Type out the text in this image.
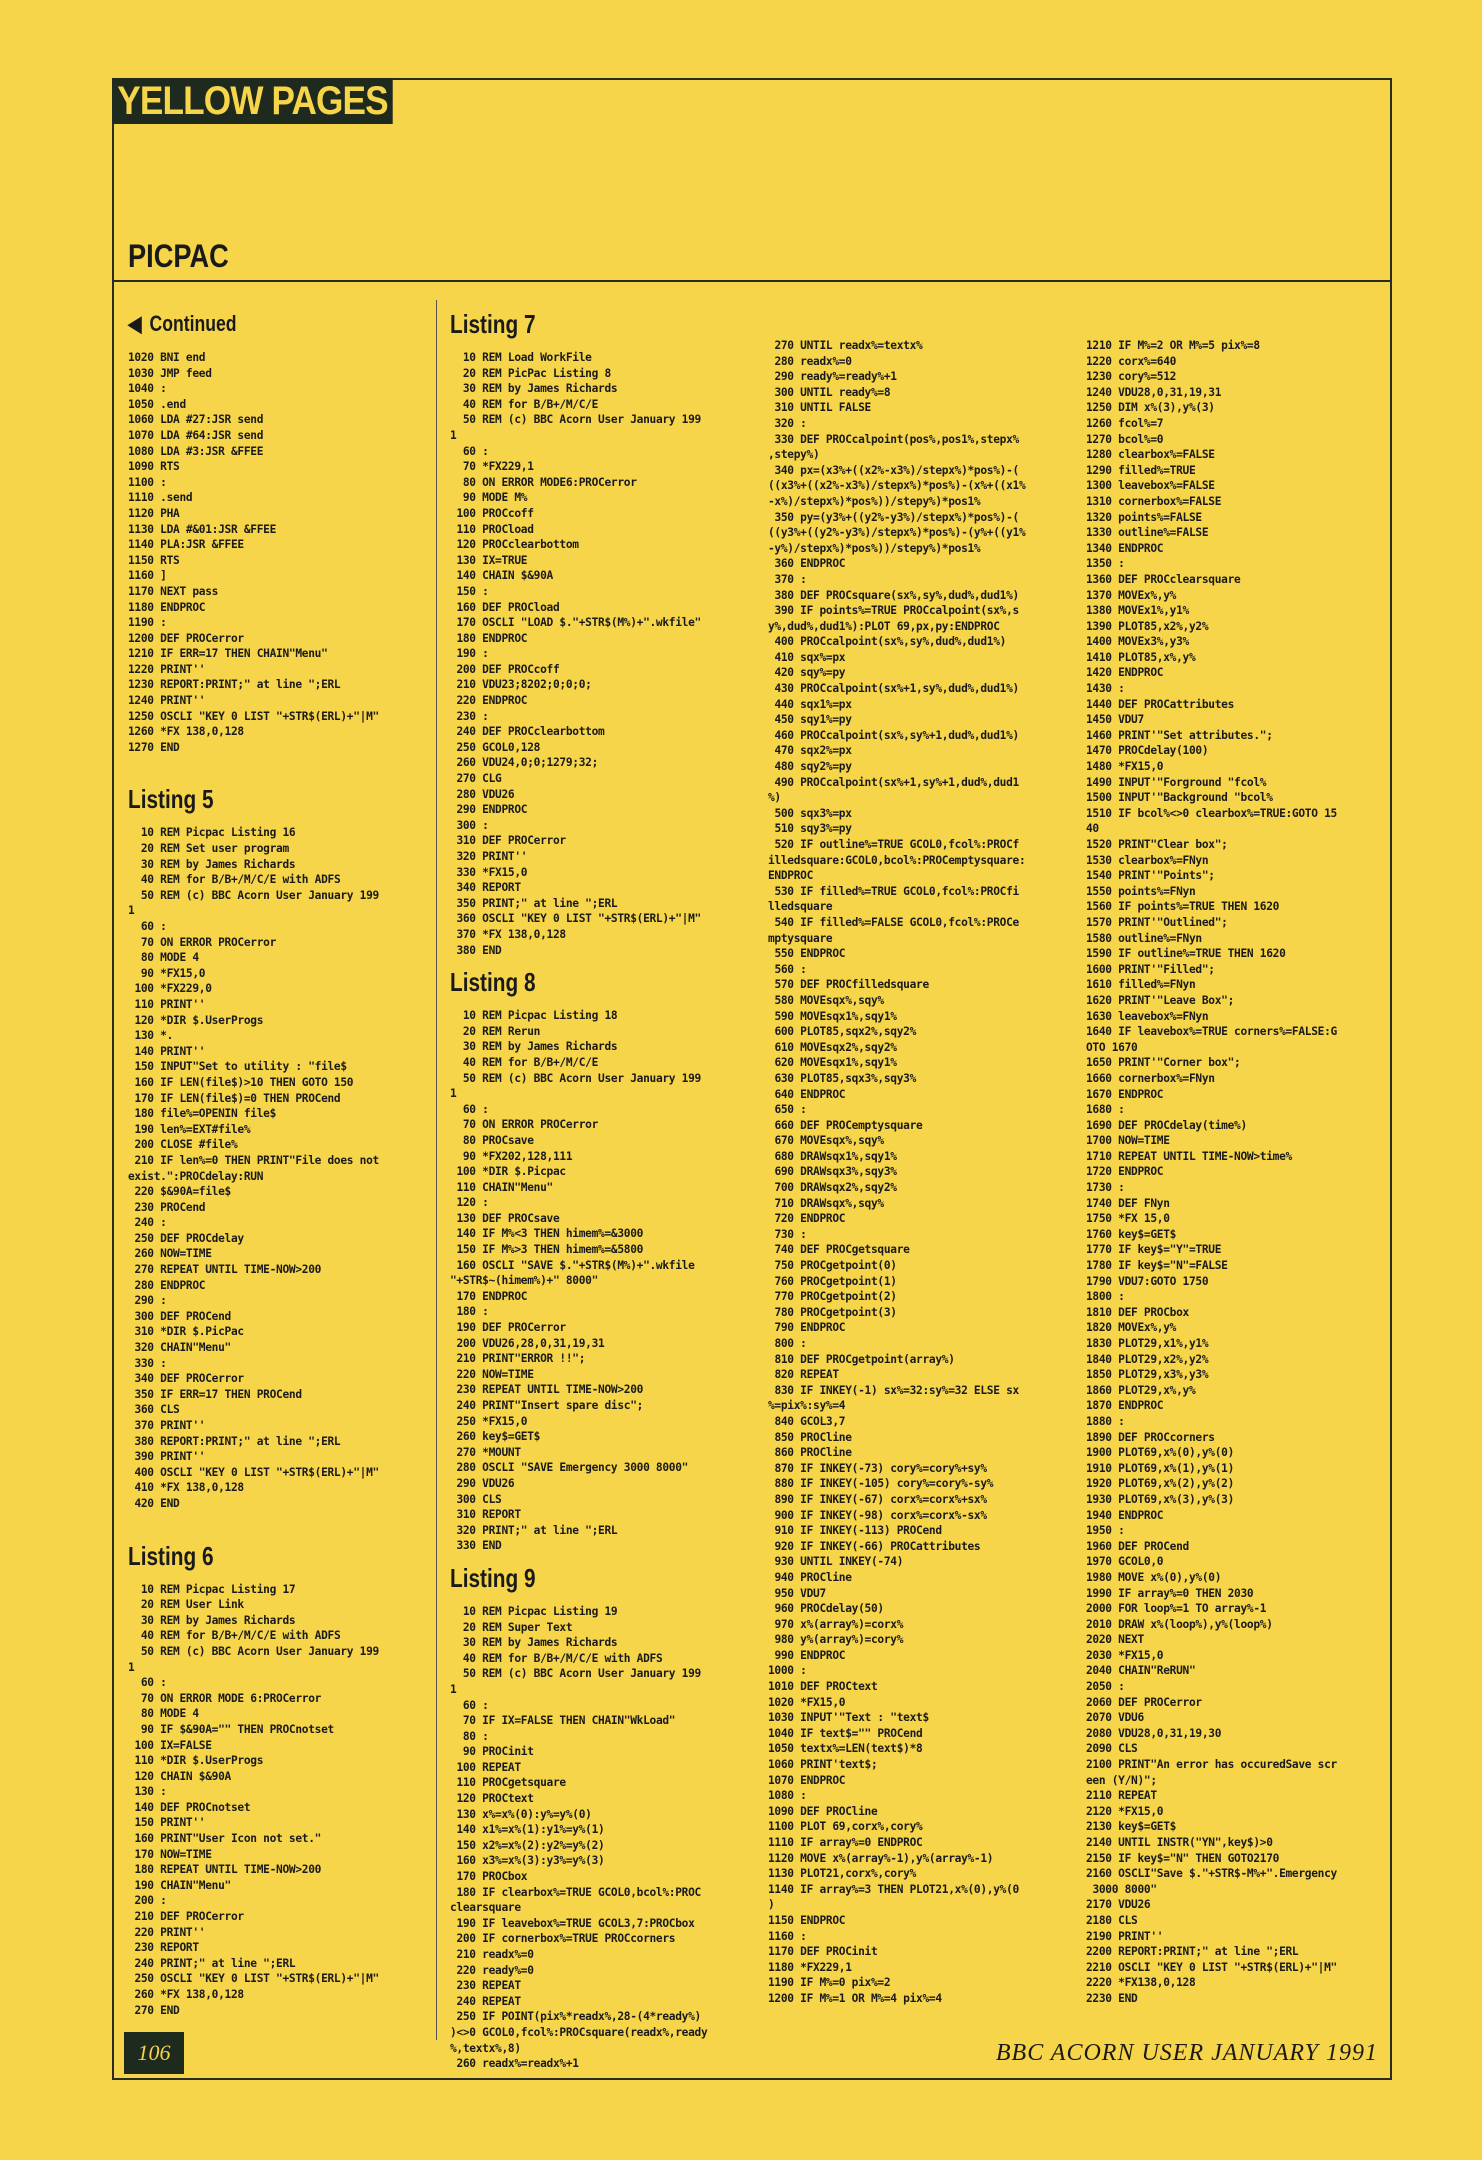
YELLOW PAGES
PICPAC
◀ Continued
1020 BNI end
1030 JMP feed
1040 :
1050 .end
1060 LDA #27:JSR send
1070 LDA #64:JSR send
1080 LDA #3:JSR &FFEE
1090 RTS
1100 :
1110 .send
1120 PHA
1130 LDA #&01:JSR &FFEE
1140 PLA:JSR &FFEE
1150 RTS
1160 ]
1170 NEXT pass
1180 ENDPROC
1190 :
1200 DEF PROCerror
1210 IF ERR=17 THEN CHAIN"Menu"
1220 PRINT''
1230 REPORT:PRINT;" at line ";ERL
1240 PRINT''
1250 OSCLI "KEY 0 LIST "+STR$(ERL)+"|M"
1260 *FX 138,0,128
1270 END
Listing 5
10 REM Picpac Listing 16
20 REM Set user program
30 REM by James Richards
40 REM for B/B+/M/C/E with ADFS
50 REM (c) BBC Acorn User January 199
1
60 :
70 ON ERROR PROCerror
80 MODE 4
90 *FX15,0
100 *FX229,0
110 PRINT''
120 *DIR $.UserProgs
130 *.
140 PRINT''
150 INPUT"Set to utility : "file$
160 IF LEN(file$)>10 THEN GOTO 150
170 IF LEN(file$)=0 THEN PROCend
180 file%=OPENIN file$
190 len%=EXT#file%
200 CLOSE #file%
210 IF len%=0 THEN PRINT"File does not
exist.":PROCdelay:RUN
220 $&90A=file$
230 PROCend
240 :
250 DEF PROCdelay
260 NOW=TIME
270 REPEAT UNTIL TIME-NOW>200
280 ENDPROC
290 :
300 DEF PROCend
310 *DIR $.PicPac
320 CHAIN"Menu"
330 :
340 DEF PROCerror
350 IF ERR=17 THEN PROCend
360 CLS
370 PRINT''
380 REPORT:PRINT;" at line ";ERL
390 PRINT''
400 OSCLI "KEY 0 LIST "+STR$(ERL)+"|M"
410 *FX 138,0,128
420 END
Listing 6
10 REM Picpac Listing 17
20 REM User Link
30 REM by James Richards
40 REM for B/B+/M/C/E with ADFS
50 REM (c) BBC Acorn User January 199
1
60 :
70 ON ERROR MODE 6:PROCerror
80 MODE 4
90 IF $&90A="" THEN PROCnotset
100 IX=FALSE
110 *DIR $.UserProgs
120 CHAIN $&90A
130 :
140 DEF PROCnotset
150 PRINT''
160 PRINT"User Icon not set."
170 NOW=TIME
180 REPEAT UNTIL TIME-NOW>200
190 CHAIN"Menu"
200 :
210 DEF PROCerror
220 PRINT''
230 REPORT
240 PRINT;" at line ";ERL
250 OSCLI "KEY 0 LIST "+STR$(ERL)+"|M"
260 *FX 138,0,128
270 END
Listing 7
10 REM Load WorkFile
20 REM PicPac Listing 8
30 REM by James Richards
40 REM for B/B+/M/C/E
50 REM (c) BBC Acorn User January 199
1
60 :
70 *FX229,1
80 ON ERROR MODE6:PROCerror
90 MODE M%
100 PROCcoff
110 PROCload
120 PROCclearbottom
130 IX=TRUE
140 CHAIN $&90A
150 :
160 DEF PROCload
170 OSCLI "LOAD $."+STR$(M%)+".wkfile"
180 ENDPROC
190 :
200 DEF PROCcoff
210 VDU23;8202;0;0;0;
220 ENDPROC
230 :
240 DEF PROCclearbottom
250 GCOL0,128
260 VDU24,0;0;1279;32;
270 CLG
280 VDU26
290 ENDPROC
300 :
310 DEF PROCerror
320 PRINT''
330 *FX15,0
340 REPORT
350 PRINT;" at line ";ERL
360 OSCLI "KEY 0 LIST "+STR$(ERL)+"|M"
370 *FX 138,0,128
380 END
Listing 8
10 REM Picpac Listing 18
20 REM Rerun
30 REM by James Richards
40 REM for B/B+/M/C/E
50 REM (c) BBC Acorn User January 199
1
60 :
70 ON ERROR PROCerror
80 PROCsave
90 *FX202,128,111
100 *DIR $.Picpac
110 CHAIN"Menu"
120 :
130 DEF PROCsave
140 IF M%<3 THEN himem%=&3000
150 IF M%>3 THEN himem%=&5800
160 OSCLI "SAVE $."+STR$(M%)+".wkfile
"+STR$~(himem%)+" 8000"
170 ENDPROC
180 :
190 DEF PROCerror
200 VDU26,28,0,31,19,31
210 PRINT"ERROR !!";
220 NOW=TIME
230 REPEAT UNTIL TIME-NOW>200
240 PRINT"Insert spare disc";
250 *FX15,0
260 key$=GET$
270 *MOUNT
280 OSCLI "SAVE Emergency 3000 8000"
290 VDU26
300 CLS
310 REPORT
320 PRINT;" at line ";ERL
330 END
Listing 9
10 REM Picpac Listing 19
20 REM Super Text
30 REM by James Richards
40 REM for B/B+/M/C/E with ADFS
50 REM (c) BBC Acorn User January 199
1
60 :
70 IF IX=FALSE THEN CHAIN"WkLoad"
80 :
90 PROCinit
100 REPEAT
110 PROCgetsquare
120 PROCtext
130 x%=x%(0):y%=y%(0)
140 x1%=x%(1):y1%=y%(1)
150 x2%=x%(2):y2%=y%(2)
160 x3%=x%(3):y3%=y%(3)
170 PROCbox
180 IF clearbox%=TRUE GCOL0,bcol%:PROC
clearsquare
190 IF leavebox%=TRUE GCOL3,7:PROCbox
200 IF cornerbox%=TRUE PROCcorners
210 readx%=0
220 ready%=0
230 REPEAT
240 REPEAT
250 IF POINT(pix%*readx%,28-(4*ready%)
)<>0 GCOL0,fcol%:PROCsquare(readx%,ready
%,textx%,8)
260 readx%=readx%+1
270 UNTIL readx%=textx%
280 readx%=0
290 ready%=ready%+1
300 UNTIL ready%=8
310 UNTIL FALSE
320 :
330 DEF PROCcalpoint(pos%,pos1%,stepx%
,stepy%)
340 px=(x3%+((x2%-x3%)/stepx%)*pos%)-(
((x3%+((x2%-x3%)/stepx%)*pos%)-(x%+((x1%
-x%)/stepx%)*pos%))/stepy%)*pos1%
350 py=(y3%+((y2%-y3%)/stepx%)*pos%)-(
((y3%+((y2%-y3%)/stepx%)*pos%)-(y%+((y1%
-y%)/stepx%)*pos%))/stepy%)*pos1%
360 ENDPROC
370 :
380 DEF PROCsquare(sx%,sy%,dud%,dud1%)
390 IF points%=TRUE PROCcalpoint(sx%,s
y%,dud%,dud1%):PLOT 69,px,py:ENDPROC
400 PROCcalpoint(sx%,sy%,dud%,dud1%)
410 sqx%=px
420 sqy%=py
430 PROCcalpoint(sx%+1,sy%,dud%,dud1%)
440 sqx1%=px
450 sqy1%=py
460 PROCcalpoint(sx%,sy%+1,dud%,dud1%)
470 sqx2%=px
480 sqy2%=py
490 PROCcalpoint(sx%+1,sy%+1,dud%,dud1
%)
500 sqx3%=px
510 sqy3%=py
520 IF outline%=TRUE GCOL0,fcol%:PROCf
illedsquare:GCOL0,bcol%:PROCemptysquare:
ENDPROC
530 IF filled%=TRUE GCOL0,fcol%:PROCfi
lledsquare
540 IF filled%=FALSE GCOL0,fcol%:PROCe
mptysquare
550 ENDPROC
560 :
570 DEF PROCfilledsquare
580 MOVEsqx%,sqy%
590 MOVEsqx1%,sqy1%
600 PLOT85,sqx2%,sqy2%
610 MOVEsqx2%,sqy2%
620 MOVEsqx1%,sqy1%
630 PLOT85,sqx3%,sqy3%
640 ENDPROC
650 :
660 DEF PROCemptysquare
670 MOVEsqx%,sqy%
680 DRAWsqx1%,sqy1%
690 DRAWsqx3%,sqy3%
700 DRAWsqx2%,sqy2%
710 DRAWsqx%,sqy%
720 ENDPROC
730 :
740 DEF PROCgetsquare
750 PROCgetpoint(0)
760 PROCgetpoint(1)
770 PROCgetpoint(2)
780 PROCgetpoint(3)
790 ENDPROC
800 :
810 DEF PROCgetpoint(array%)
820 REPEAT
830 IF INKEY(-1) sx%=32:sy%=32 ELSE sx
%=pix%:sy%=4
840 GCOL3,7
850 PROCline
860 PROCline
870 IF INKEY(-73) cory%=cory%+sy%
880 IF INKEY(-105) cory%=cory%-sy%
890 IF INKEY(-67) corx%=corx%+sx%
900 IF INKEY(-98) corx%=corx%-sx%
910 IF INKEY(-113) PROCend
920 IF INKEY(-66) PROCattributes
930 UNTIL INKEY(-74)
940 PROCline
950 VDU7
960 PROCdelay(50)
970 x%(array%)=corx%
980 y%(array%)=cory%
990 ENDPROC
1000 :
1010 DEF PROCtext
1020 *FX15,0
1030 INPUT'"Text : "text$
1040 IF text$="" PROCend
1050 textx%=LEN(text$)*8
1060 PRINT'text$;
1070 ENDPROC
1080 :
1090 DEF PROCline
1100 PLOT 69,corx%,cory%
1110 IF array%=0 ENDPROC
1120 MOVE x%(array%-1),y%(array%-1)
1130 PLOT21,corx%,cory%
1140 IF array%=3 THEN PLOT21,x%(0),y%(0
)
1150 ENDPROC
1160 :
1170 DEF PROCinit
1180 *FX229,1
1190 IF M%=0 pix%=2
1200 IF M%=1 OR M%=4 pix%=4
1210 IF M%=2 OR M%=5 pix%=8
1220 corx%=640
1230 cory%=512
1240 VDU28,0,31,19,31
1250 DIM x%(3),y%(3)
1260 fcol%=7
1270 bcol%=0
1280 clearbox%=FALSE
1290 filled%=TRUE
1300 leavebox%=FALSE
1310 cornerbox%=FALSE
1320 points%=FALSE
1330 outline%=FALSE
1340 ENDPROC
1350 :
1360 DEF PROCclearsquare
1370 MOVEx%,y%
1380 MOVEx1%,y1%
1390 PLOT85,x2%,y2%
1400 MOVEx3%,y3%
1410 PLOT85,x%,y%
1420 ENDPROC
1430 :
1440 DEF PROCattributes
1450 VDU7
1460 PRINT'"Set attributes.";
1470 PROCdelay(100)
1480 *FX15,0
1490 INPUT'"Forground "fcol%
1500 INPUT'"Background "bcol%
1510 IF bcol%<>0 clearbox%=TRUE:GOTO 15
40
1520 PRINT"Clear box";
1530 clearbox%=FNyn
1540 PRINT'"Points";
1550 points%=FNyn
1560 IF points%=TRUE THEN 1620
1570 PRINT'"Outlined";
1580 outline%=FNyn
1590 IF outline%=TRUE THEN 1620
1600 PRINT'"Filled";
1610 filled%=FNyn
1620 PRINT'"Leave Box";
1630 leavebox%=FNyn
1640 IF leavebox%=TRUE corners%=FALSE:G
OTO 1670
1650 PRINT'"Corner box";
1660 cornerbox%=FNyn
1670 ENDPROC
1680 :
1690 DEF PROCdelay(time%)
1700 NOW=TIME
1710 REPEAT UNTIL TIME-NOW>time%
1720 ENDPROC
1730 :
1740 DEF FNyn
1750 *FX 15,0
1760 key$=GET$
1770 IF key$="Y"=TRUE
1780 IF key$="N"=FALSE
1790 VDU7:GOTO 1750
1800 :
1810 DEF PROCbox
1820 MOVEx%,y%
1830 PLOT29,x1%,y1%
1840 PLOT29,x2%,y2%
1850 PLOT29,x3%,y3%
1860 PLOT29,x%,y%
1870 ENDPROC
1880 :
1890 DEF PROCcorners
1900 PLOT69,x%(0),y%(0)
1910 PLOT69,x%(1),y%(1)
1920 PLOT69,x%(2),y%(2)
1930 PLOT69,x%(3),y%(3)
1940 ENDPROC
1950 :
1960 DEF PROCend
1970 GCOL0,0
1980 MOVE x%(0),y%(0)
1990 IF array%=0 THEN 2030
2000 FOR loop%=1 TO array%-1
2010 DRAW x%(loop%),y%(loop%)
2020 NEXT
2030 *FX15,0
2040 CHAIN"ReRUN"
2050 :
2060 DEF PROCerror
2070 VDU6
2080 VDU28,0,31,19,30
2090 CLS
2100 PRINT"An error has occuredSave scr
een (Y/N)";
2110 REPEAT
2120 *FX15,0
2130 key$=GET$
2140 UNTIL INSTR("YN",key$)>0
2150 IF key$="N" THEN GOTO2170
2160 OSCLI"Save $."+STR$-M%+".Emergency
3000 8000"
2170 VDU26
2180 CLS
2190 PRINT''
2200 REPORT:PRINT;" at line ";ERL
2210 OSCLI "KEY 0 LIST "+STR$(ERL)+"|M"
2220 *FX138,0,128
2230 END
106	BBC ACORN USER JANUARY 1991
